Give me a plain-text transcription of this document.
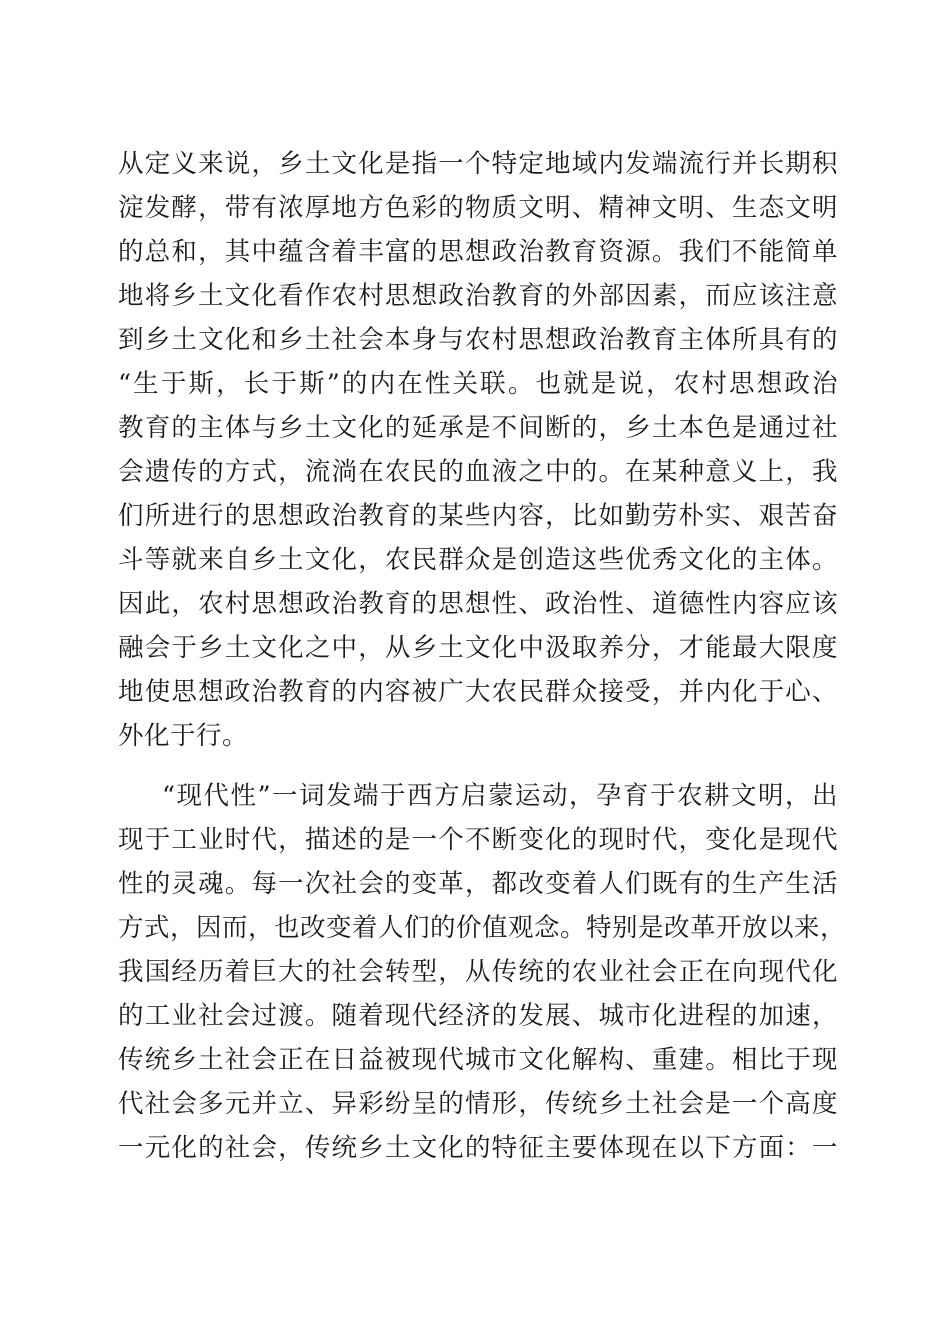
从定义来说，乡土文化是指一个特定地域内发端流行并长期积
淀发酵，带有浓厚地方色彩的物质文明、精神文明、生态文明
的总和，其中蕴含着丰富的思想政治教育资源。我们不能简单
地将乡土文化看作农村思想政治教育的外部因素，而应该注意
到乡土文化和乡土社会本身与农村思想政治教育主体所具有的
“生于斯，长于斯”的内在性关联。也就是说，农村思想政治
教育的主体与乡土文化的延承是不间断的，乡土本色是通过社
会遗传的方式，流淌在农民的血液之中的。在某种意义上，我
们所进行的思想政治教育的某些内容，比如勤劳朴实、艰苦奋
斗等就来自乡土文化，农民群众是创造这些优秀文化的主体。
因此，农村思想政治教育的思想性、政治性、道德性内容应该
融会于乡土文化之中，从乡土文化中汲取养分，才能最大限度
地使思想政治教育的内容被广大农民群众接受，并内化于心、
外化于行。
“现代性”一词发端于西方启蒙运动，孕育于农耕文明，出
现于工业时代，描述的是一个不断变化的现时代，变化是现代
性的灵魂。每一次社会的变革，都改变着人们既有的生产生活
方式，因而，也改变着人们的价值观念。特别是改革开放以来，
我国经历着巨大的社会转型，从传统的农业社会正在向现代化
的工业社会过渡。随着现代经济的发展、城市化进程的加速，
传统乡土社会正在日益被现代城市文化解构、重建。相比于现
代社会多元并立、异彩纷呈的情形，传统乡土社会是一个高度
一元化的社会，传统乡土文化的特征主要体现在以下方面：一
